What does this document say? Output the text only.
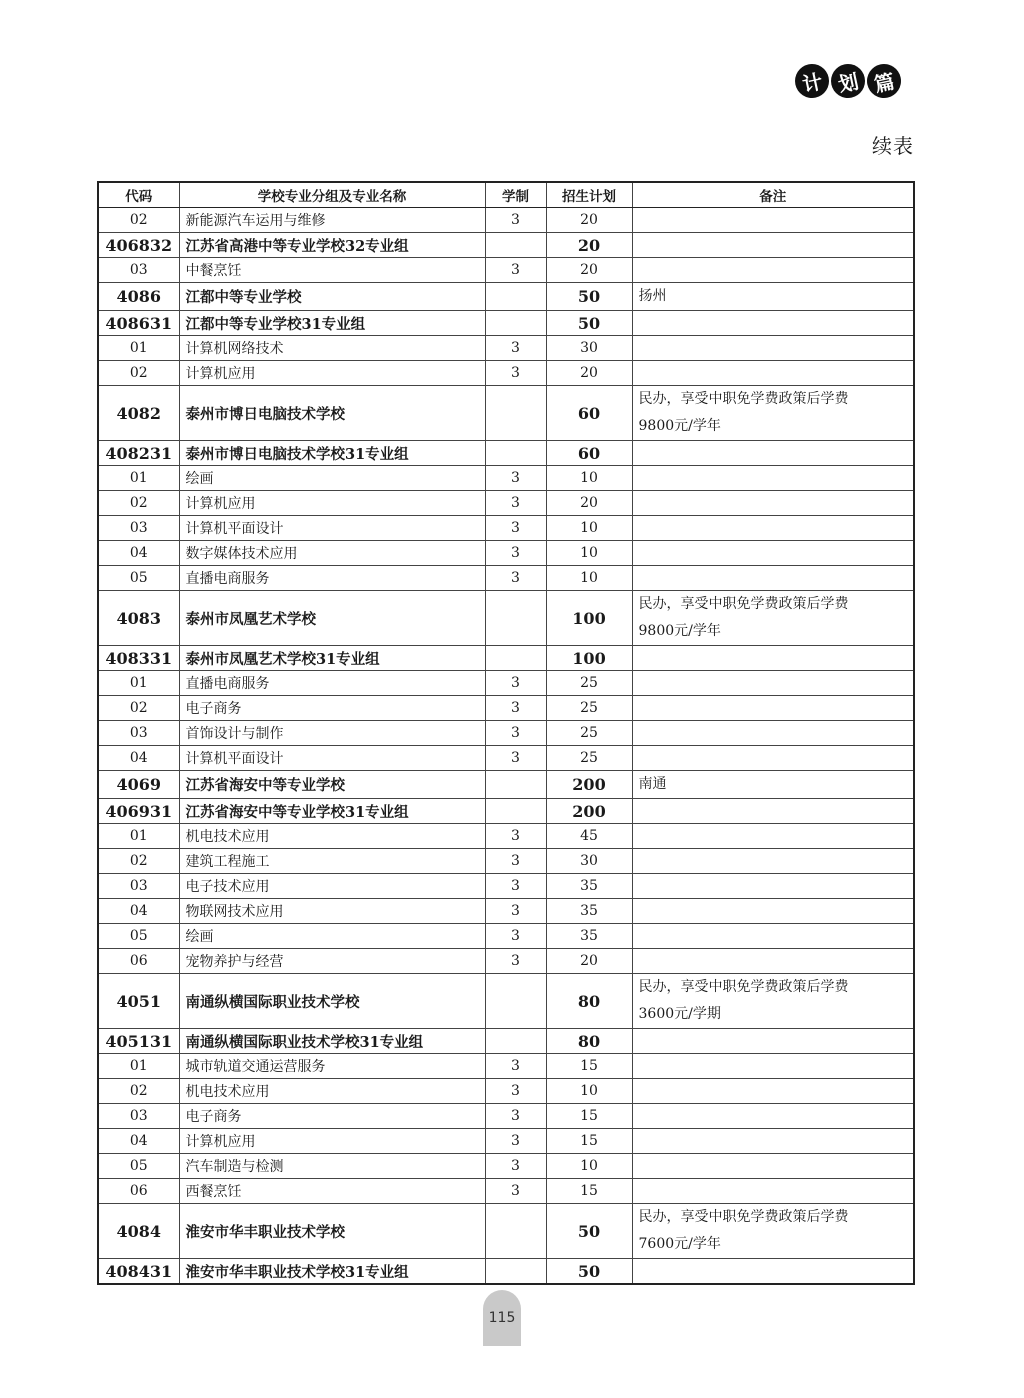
计 划 篇
续表
代码	学校专业分组及专业名称	学制	招生计划	备注
02	新能源汽车运用与维修	3	20	

406832	江苏省高港中等专业学校32专业组		20	

03	中餐烹饪	3	20	

4086	江都中等专业学校		50	扬州

408631	江都中等专业学校31专业组		50	

01	计算机网络技术	3	30	

02	计算机应用	3	20	

4082	泰州市博日电脑技术学校		60	民办，享受中职免学费政策后学费
9800元/学年

408231	泰州市博日电脑技术学校31专业组		60	

01	绘画	3	10	

02	计算机应用	3	20	

03	计算机平面设计	3	10	

04	数字媒体技术应用	3	10	

05	直播电商服务	3	10	

4083	泰州市凤凰艺术学校		100	民办，享受中职免学费政策后学费
9800元/学年

408331	泰州市凤凰艺术学校31专业组		100	

01	直播电商服务	3	25	

02	电子商务	3	25	

03	首饰设计与制作	3	25	

04	计算机平面设计	3	25	

4069	江苏省海安中等专业学校		200	南通

406931	江苏省海安中等专业学校31专业组		200	

01	机电技术应用	3	45	

02	建筑工程施工	3	30	

03	电子技术应用	3	35	

04	物联网技术应用	3	35	

05	绘画	3	35	

06	宠物养护与经营	3	20	

4051	南通纵横国际职业技术学校		80	民办，享受中职免学费政策后学费
3600元/学期

405131	南通纵横国际职业技术学校31专业组		80	

01	城市轨道交通运营服务	3	15	

02	机电技术应用	3	10	

03	电子商务	3	15	

04	计算机应用	3	15	

05	汽车制造与检测	3	10	

06	西餐烹饪	3	15	

4084	淮安市华丰职业技术学校		50	民办，享受中职免学费政策后学费
7600元/学年

408431	淮安市华丰职业技术学校31专业组		50	
115
